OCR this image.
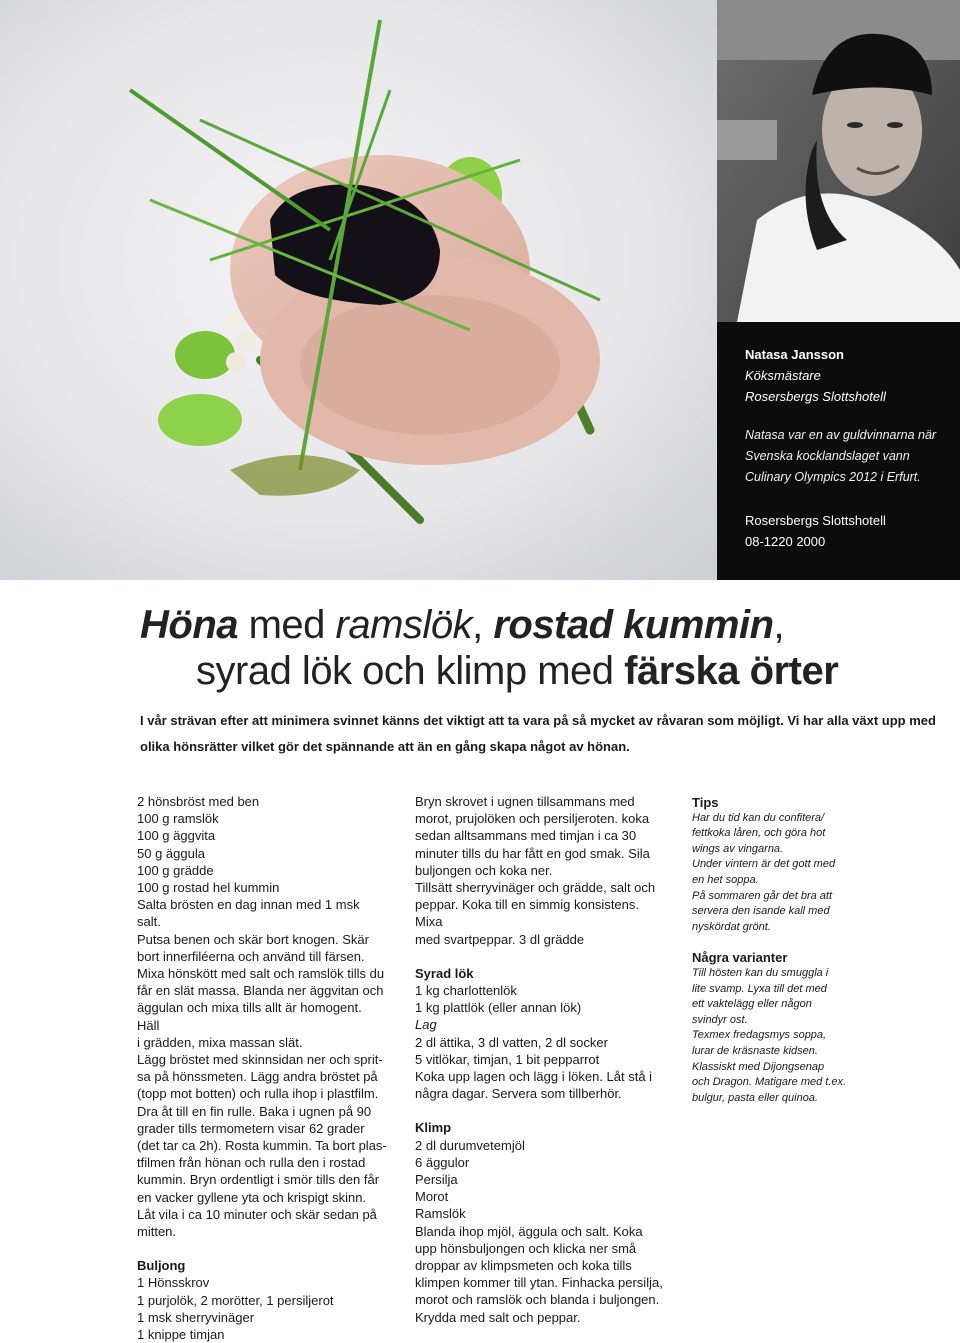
Natasa Jansson
Köksmästare
Rosersbergs Slottshotell
Natasa var en av guldvinnarna när Svenska kocklandslaget vann Culinary Olympics 2012 i Erfurt.
Rosersbergs Slottshotell
08-1220 2000
Höna med ramslök, rostad kummin,
syrad lök och klimp med färska örter
I vår strävan efter att minimera svinnet känns det viktigt att ta vara på så mycket av råvaran som möjligt. Vi har alla växt upp med olika hönsrätter vilket gör det spännande att än en gång skapa något av hönan.

2 hönsbröst med ben

100 g ramslök

100 g äggvita

50 g äggula

100 g grädde

100 g rostad hel kummin

Salta brösten en dag innan med 1 msk salt.

Putsa benen och skär bort knogen. Skär

bort innerfiléerna och använd till färsen.

Mixa hönskött med salt och ramslök tills du

får en slät massa. Blanda ner äggvitan och

äggulan och mixa tills allt är homogent. Häll

i grädden, mixa massan slät.

Lägg bröstet med skinnsidan ner och sprit-

sa på hönssmeten. Lägg andra bröstet på

(topp mot botten) och rulla ihop i plastfilm.

Dra åt till en fin rulle. Baka i ugnen på 90

grader tills termometern visar 62 grader

(det tar ca 2h). Rosta kummin. Ta bort plas-

tfilmen från hönan och rulla den i rostad

kummin. Bryn ordentligt i smör tills den får

en vacker gyllene yta och krispigt skinn.

Låt vila i ca 10 minuter och skär sedan på

mitten.

Buljong

1 Hönsskrov

1 purjolök, 2 morötter, 1 persiljerot

1 msk sherryvinäger

1 knippe timjan

Bryn skrovet i ugnen tillsammans med

morot, prujolöken och persiljeroten. koka

sedan alltsammans med timjan i ca 30

minuter tills du har fått en god smak. Sila

buljongen och koka ner.

Tillsätt sherryvinäger och grädde, salt och

peppar. Koka till en simmig konsistens. Mixa

med svartpeppar. 3 dl grädde

Syrad lök

1 kg charlottenlök

1 kg plattlök (eller annan lök)

Lag

2 dl ättika, 3 dl vatten, 2 dl socker

5 vitlökar, timjan, 1 bit pepparrot

Koka upp lagen och lägg i löken. Låt stå i

några dagar. Servera som tillberhör.

Klimp

2 dl durumvetemjöl

6 äggulor

Persilja

Morot

Ramslök

Blanda ihop mjöl, äggula och salt. Koka

upp hönsbuljongen och klicka ner små

droppar av klimpsmeten och koka tills

klimpen kommer till ytan. Finhacka persilja,

morot och ramslök och blanda i buljongen.

Krydda med salt och peppar.

Tips

Har du tid kan du confitera/

fettkoka låren, och göra hot

wings av vingarna.

Under vintern är det gott med

en het soppa.

På sommaren går det bra att

servera den isande kall med

nyskördat grönt.

Några varianter

Till hösten kan du smuggla i

lite svamp. Lyxa till det med

ett vaktelägg eller någon

svindyr ost.

Texmex fredagsmys soppa,

lurar de kräsnaste kidsen.

Klassiskt med Dijongsenap

och Dragon. Matigare med t.ex.

bulgur, pasta eller quinoa.
